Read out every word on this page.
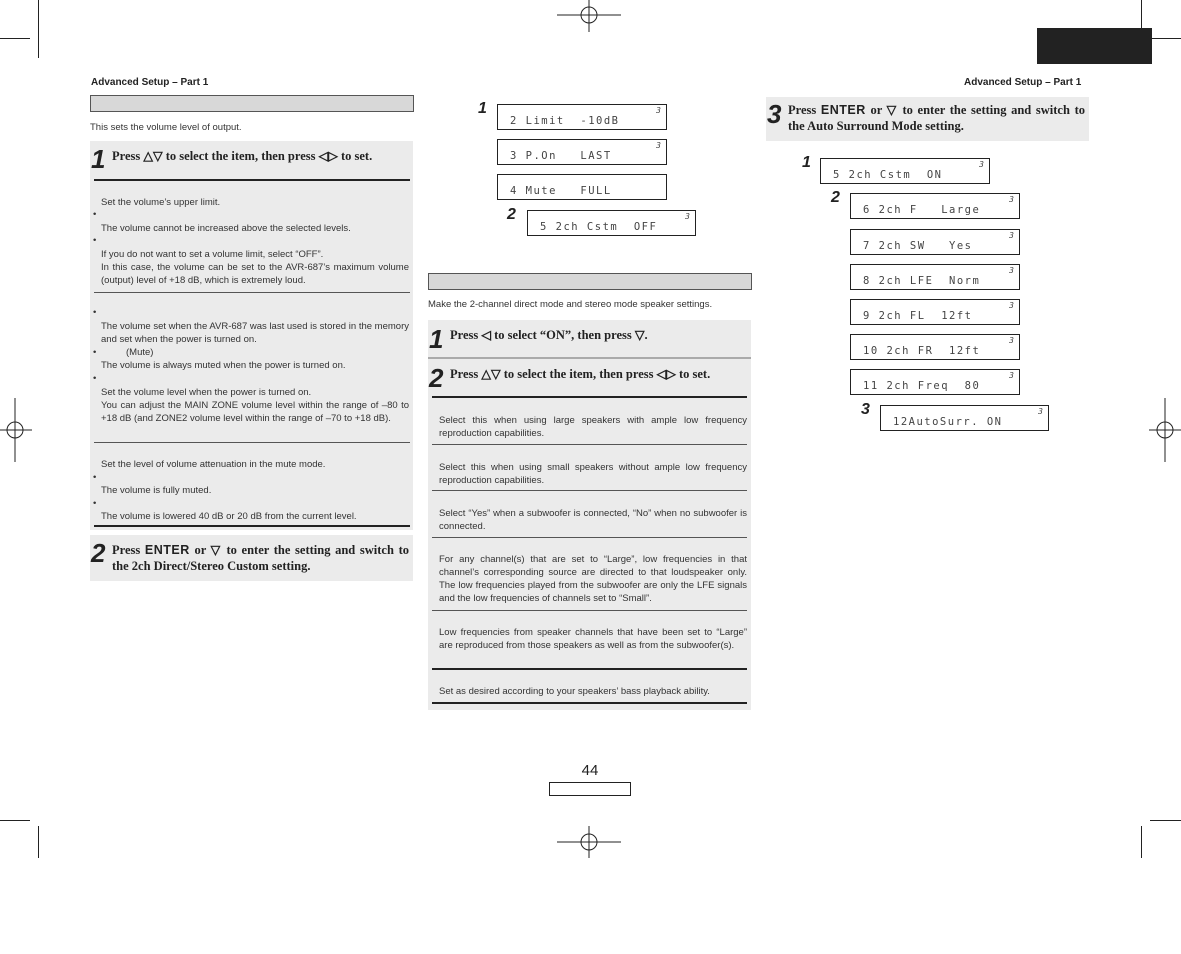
Advanced Setup – Part 1	Advanced Setup – Part 1
This sets the volume level of output.
1 Press △▽ to select the item, then press ◁▷ to set.
Set the volume’s upper limit.
•
The volume cannot be increased above the selected levels.
•
If you do not want to set a volume limit, select “OFF”.
In this case, the volume can be set to the AVR-687’s maximum volume (output) level of +18 dB, which is extremely loud.
•
The volume set when the AVR-687 was last used is stored in the memory and set when the power is turned on.
•	(Mute)
The volume is always muted when the power is turned on.
•
Set the volume level when the power is turned on.
You can adjust the MAIN ZONE volume level within the range of –80 to +18 dB (and ZONE2 volume level within the range of –70 to +18 dB).
Set the level of volume attenuation in the mute mode.
•
The volume is fully muted.
•
The volume is lowered 40 dB or 20 dB from the current level.
2 Press ENTER or ▽ to enter the setting and switch to the 2ch Direct/Stereo Custom setting.
1
2 Limit  -10dB
3
3 P.On   LAST
3
4 Mute   FULL
2
5 2ch Cstm  OFF
3
Make the 2-channel direct mode and stereo mode speaker settings.
1 Press ◁ to select “ON”, then press ▽.
2 Press △▽ to select the item, then press ◁▷ to set.
Select this when using large speakers with ample low frequency reproduction capabilities.
Select this when using small speakers without ample low frequency reproduction capabilities.
Select “Yes” when a subwoofer is connected, “No” when no subwoofer is connected.
For any channel(s) that are set to “Large”, low frequencies in that channel’s corresponding source are directed to that loudspeaker only. The low frequencies played from the subwoofer are only the LFE signals and the low frequencies of channels set to “Small”.
Low frequencies from speaker channels that have been set to “Large” are reproduced from those speakers as well as from the subwoofer(s).
Set as desired according to your speakers’ bass playback ability.
3 Press ENTER or ▽ to enter the setting and switch to the Auto Surround Mode setting.
1
5 2ch Cstm  ON
3
2
6 2ch F   Large
3
7 2ch SW   Yes
3
8 2ch LFE  Norm
3
9 2ch FL  12ft
3
10 2ch FR  12ft
3
11 2ch Freq  80
3
3
12AutoSurr. ON
3
44
